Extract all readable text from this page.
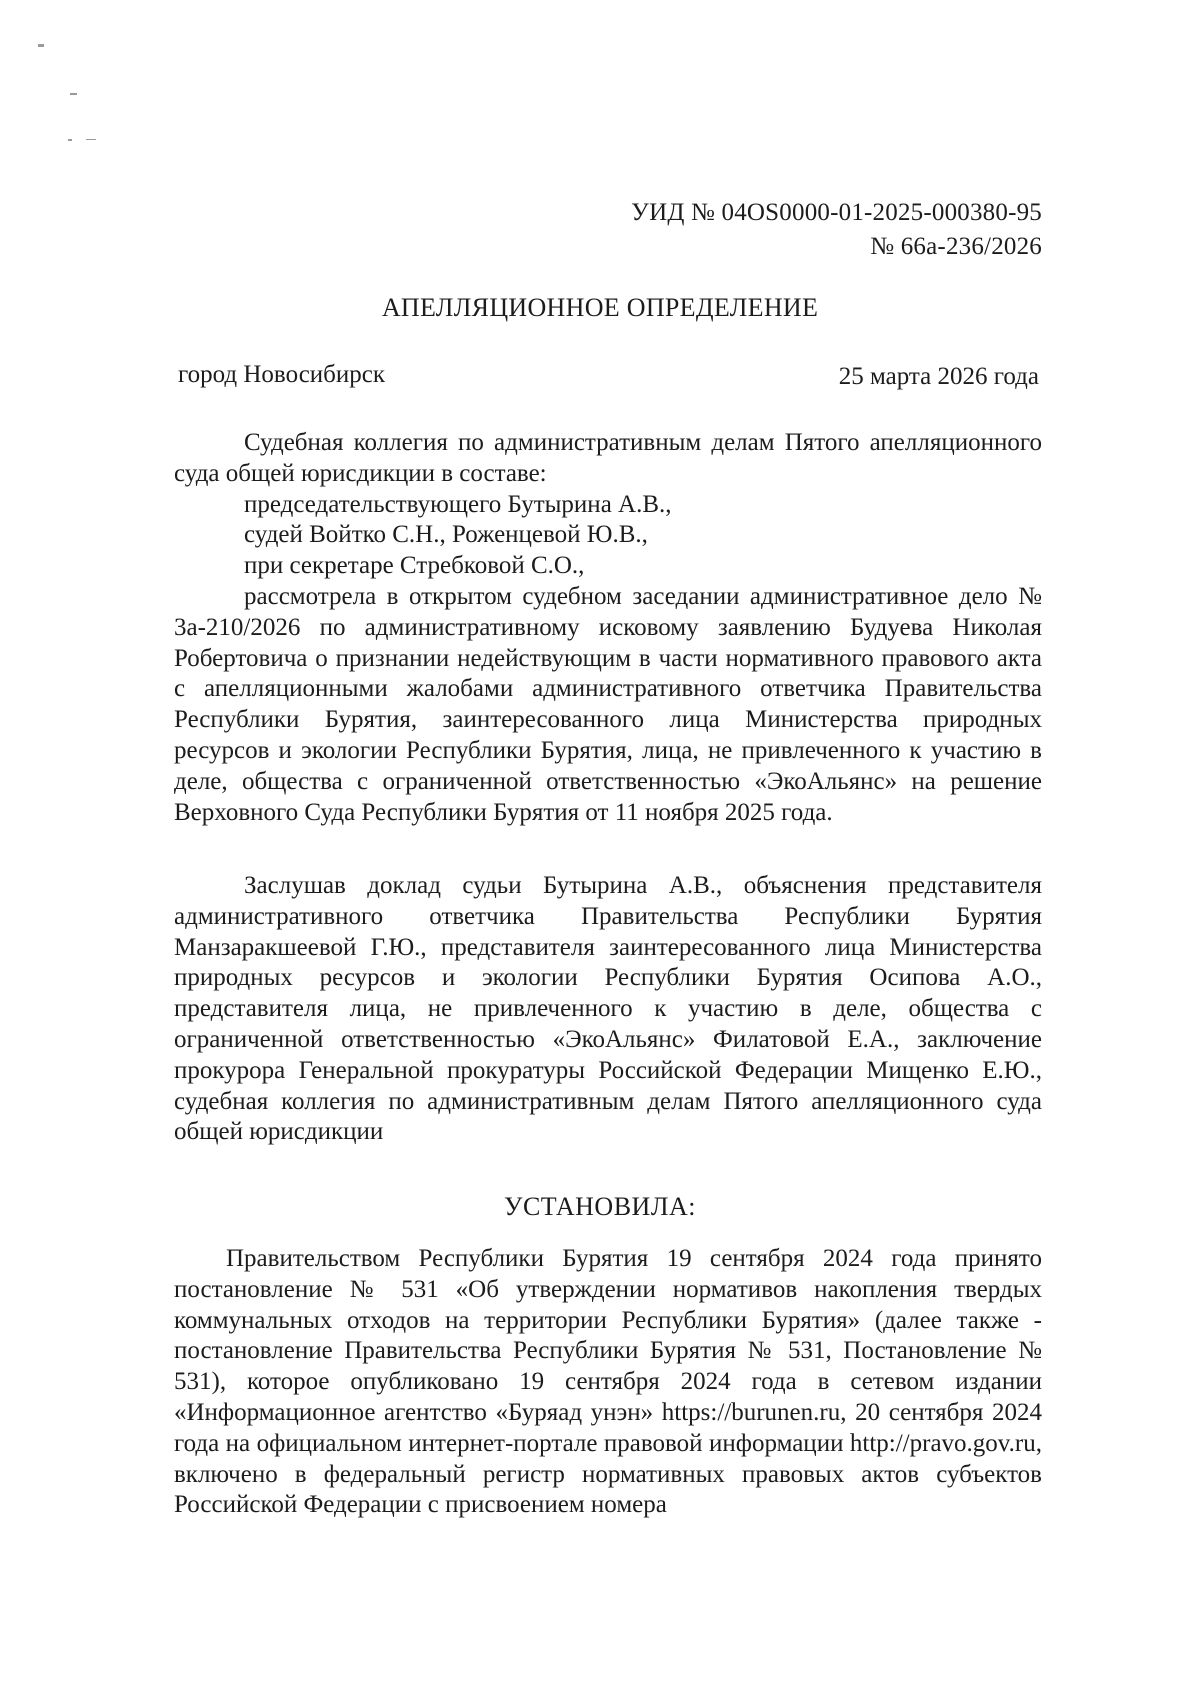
УИД № 04OS0000-01-2025-000380-95
№ 66а-236/2026
АПЕЛЛЯЦИОННОЕ ОПРЕДЕЛЕНИЕ
город Новосибирск	25 марта 2026 года

Судебная коллегия по административным делам Пятого апелляционного суда общей юрисдикции в составе:

председательствующего Бутырина А.В.,

судей Войтко С.Н., Роженцевой Ю.В.,

при секретаре Стребковой С.О.,

рассмотрела в открытом судебном заседании административное дело № 3а-210/2026 по административному исковому заявлению Будуева Николая Робертовича о признании недействующим в части нормативного правового акта с апелляционными жалобами административного ответчика Правительства Республики Бурятия, заинтересованного лица Министерства природных ресурсов и экологии Республики Бурятия, лица, не привлеченного к участию в деле, общества с ограниченной ответственностью «ЭкоАльянс» на решение Верховного Суда Республики Бурятия от 11 ноября 2025 года.

Заслушав доклад судьи Бутырина А.В., объяснения представителя административного ответчика Правительства Республики Бурятия Манзаракшеевой Г.Ю., представителя заинтересованного лица Министерства природных ресурсов и экологии Республики Бурятия Осипова А.О., представителя лица, не привлеченного к участию в деле, общества с ограниченной ответственностью «ЭкоАльянс» Филатовой Е.А., заключение прокурора Генеральной прокуратуры Российской Федерации Мищенко Е.Ю., судебная коллегия по административным делам Пятого апелляционного суда общей юрисдикции

УСТАНОВИЛА:

Правительством Республики Бурятия 19 сентября 2024 года принято постановление № 531 «Об утверждении нормативов накопления твердых коммунальных отходов на территории Республики Бурятия» (далее также - постановление Правительства Республики Бурятия № 531, Постановление № 531), которое опубликовано 19 сентября 2024 года в сетевом издании «Информационное агентство «Буряад унэн» https://burunen.ru, 20 сентября 2024 года на официальном интернет-портале правовой информации http://pravo.gov.ru, включено в федеральный регистр нормативных правовых актов субъектов Российской Федерации с присвоением номера
